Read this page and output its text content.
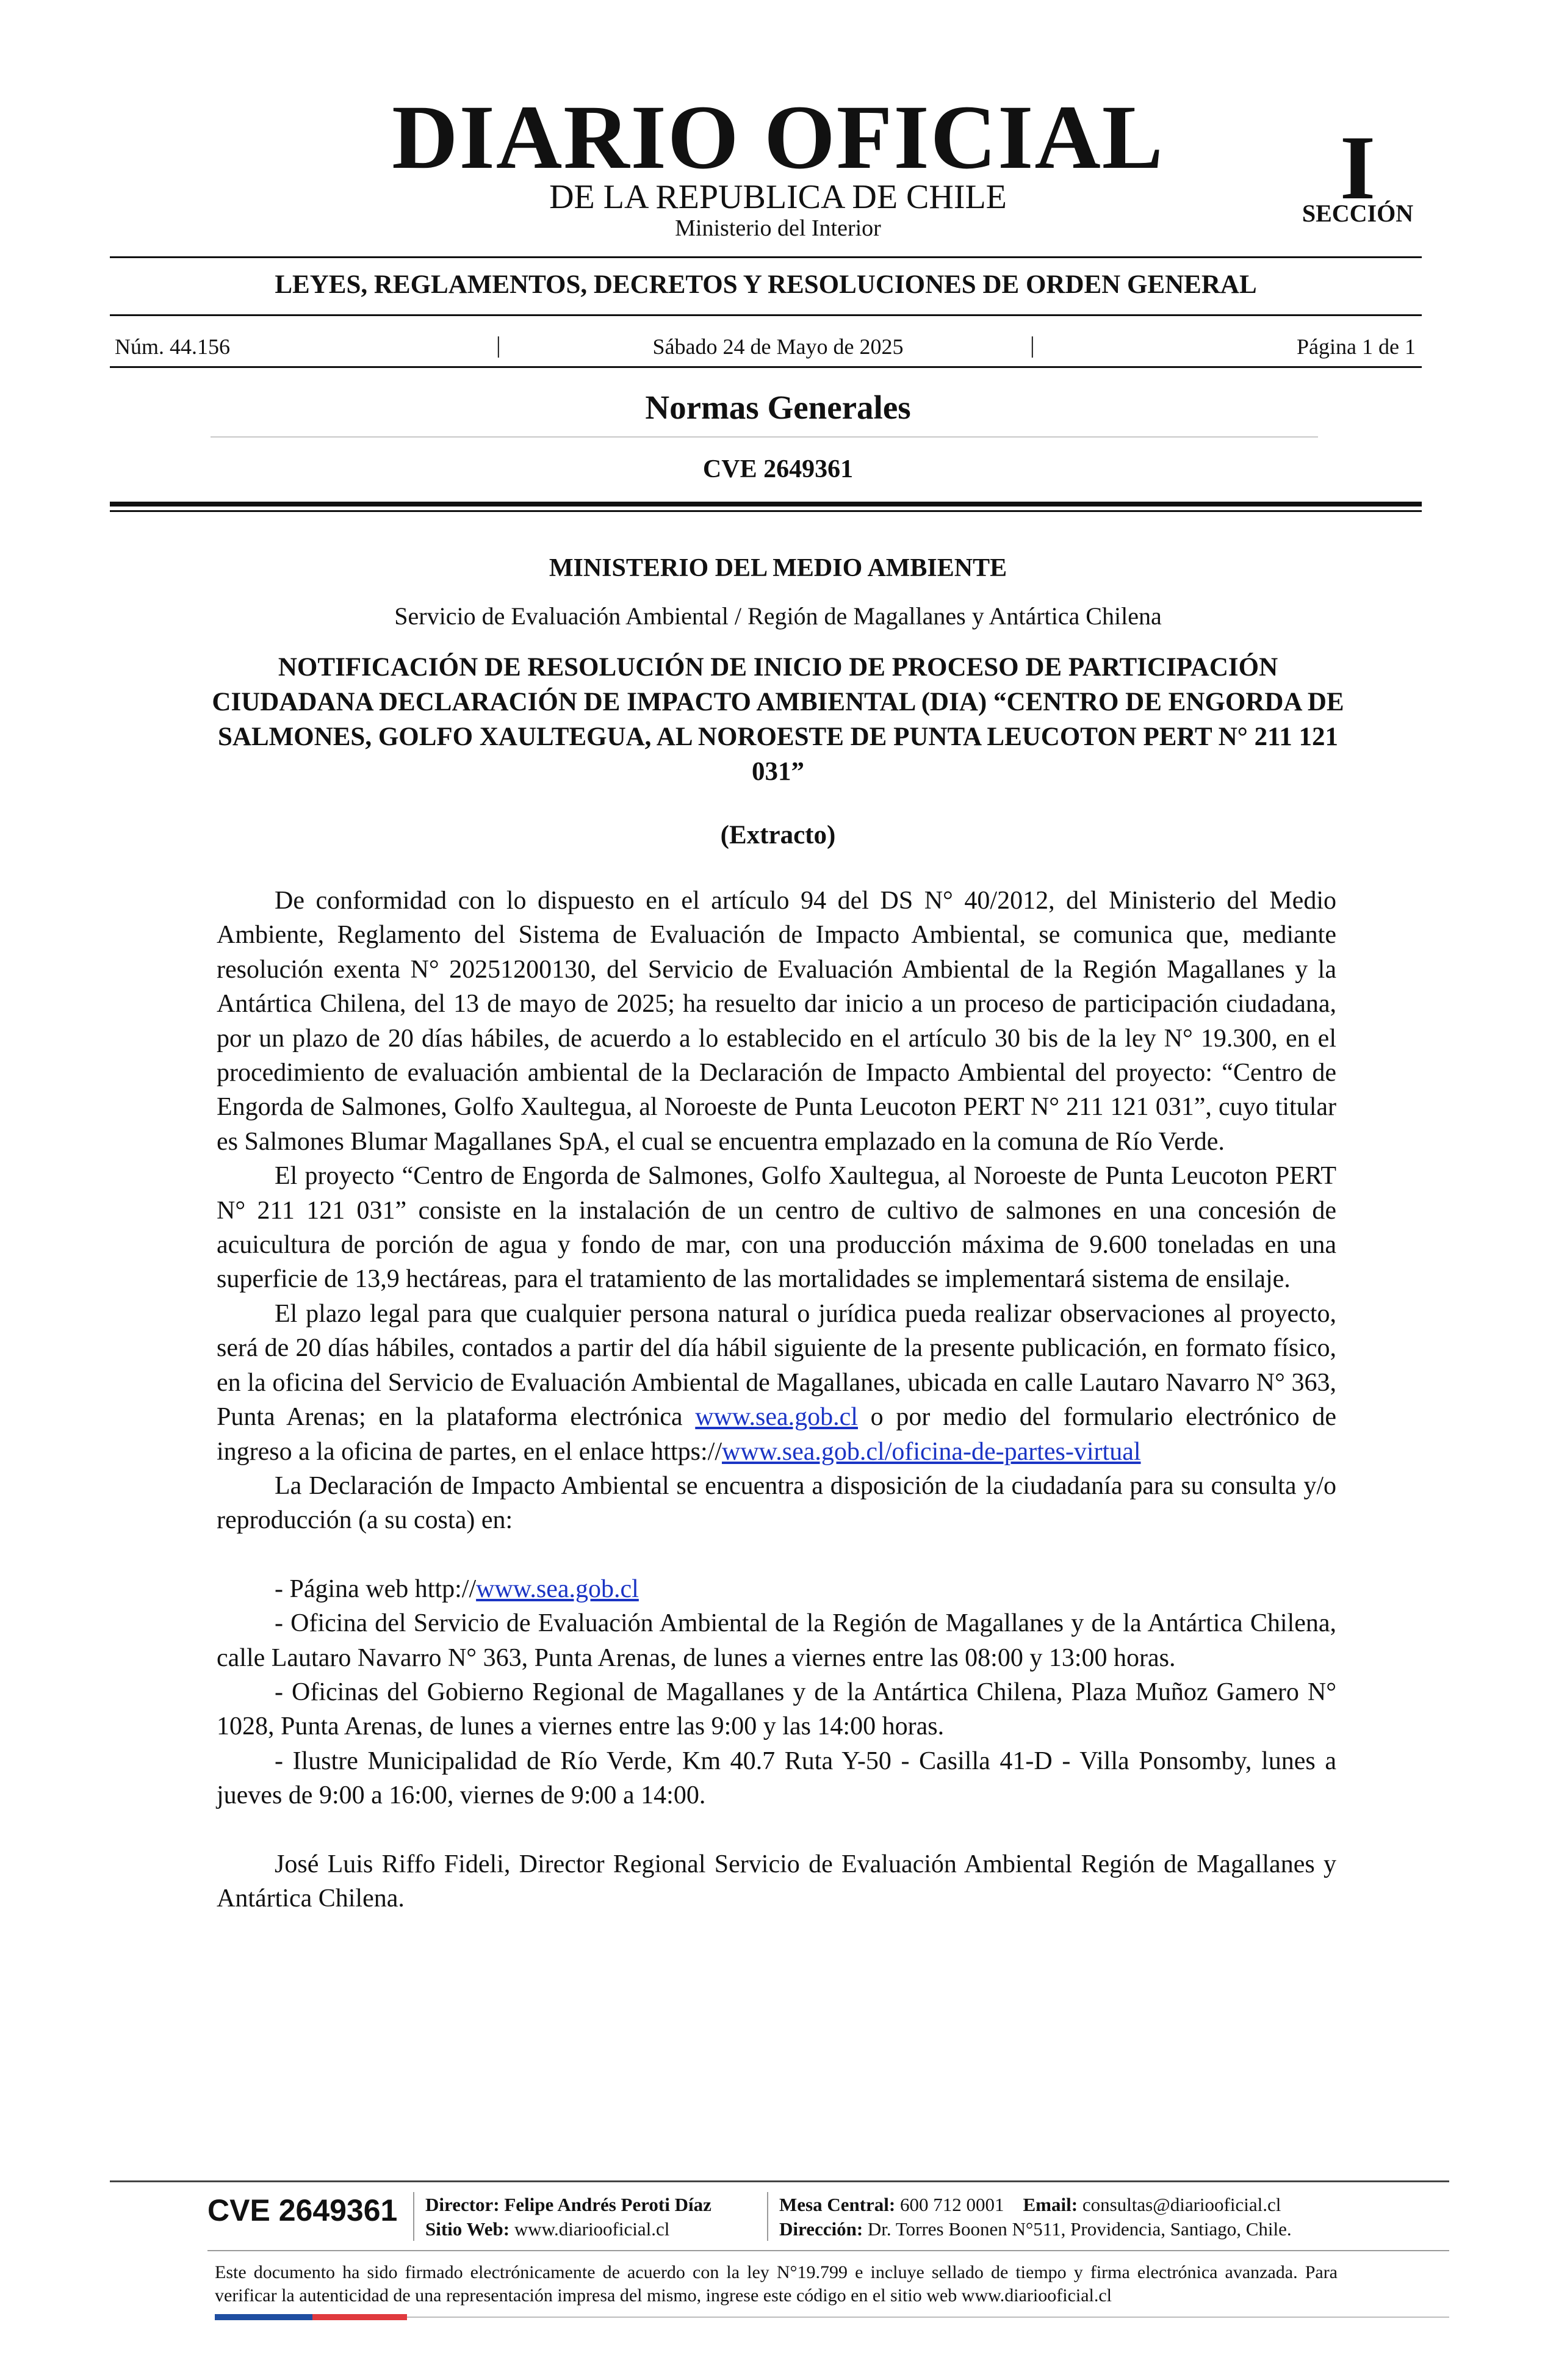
DIARIO OFICIAL
DE LA REPUBLICA DE CHILE
Ministerio del Interior
I
SECCIÓN
LEYES, REGLAMENTOS, DECRETOS Y RESOLUCIONES DE ORDEN GENERAL
Núm. 44.156	|	Sábado 24 de Mayo de 2025	|	Página 1 de 1
Normas Generales
CVE 2649361
MINISTERIO DEL MEDIO AMBIENTE
Servicio de Evaluación Ambiental / Región de Magallanes y Antártica Chilena
NOTIFICACIÓN DE RESOLUCIÓN DE INICIO DE PROCESO DE PARTICIPACIÓN CIUDADANA DECLARACIÓN DE IMPACTO AMBIENTAL (DIA) “CENTRO DE ENGORDA DE SALMONES, GOLFO XAULTEGUA, AL NOROESTE DE PUNTA LEUCOTON PERT N° 211 121 031”
(Extracto)

De conformidad con lo dispuesto en el artículo 94 del DS N° 40/2012, del Ministerio del Medio Ambiente, Reglamento del Sistema de Evaluación de Impacto Ambiental, se comunica que, mediante resolución exenta N° 20251200130, del Servicio de Evaluación Ambiental de la Región Magallanes y la Antártica Chilena, del 13 de mayo de 2025; ha resuelto dar inicio a un proceso de participación ciudadana, por un plazo de 20 días hábiles, de acuerdo a lo establecido en el artículo 30 bis de la ley N° 19.300, en el procedimiento de evaluación ambiental de la Declaración de Impacto Ambiental del proyecto: “Centro de Engorda de Salmones, Golfo Xaultegua, al Noroeste de Punta Leucoton PERT N° 211 121 031”, cuyo titular es Salmones Blumar Magallanes SpA, el cual se encuentra emplazado en la comuna de Río Verde.

El proyecto “Centro de Engorda de Salmones, Golfo Xaultegua, al Noroeste de Punta Leucoton PERT N° 211 121 031” consiste en la instalación de un centro de cultivo de salmones en una concesión de acuicultura de porción de agua y fondo de mar, con una producción máxima de 9.600 toneladas en una superficie de 13,9 hectáreas, para el tratamiento de las mortalidades se implementará sistema de ensilaje.

El plazo legal para que cualquier persona natural o jurídica pueda realizar observaciones al proyecto, será de 20 días hábiles, contados a partir del día hábil siguiente de la presente publicación, en formato físico, en la oficina del Servicio de Evaluación Ambiental de Magallanes, ubicada en calle Lautaro Navarro N° 363, Punta Arenas; en la plataforma electrónica www.sea.gob.cl o por medio del formulario electrónico de ingreso a la oficina de partes, en el enlace https://www.sea.gob.cl/oficina-de-partes-virtual

La Declaración de Impacto Ambiental se encuentra a disposición de la ciudadanía para su consulta y/o reproducción (a su costa) en:

- Página web http://www.sea.gob.cl

- Oficina del Servicio de Evaluación Ambiental de la Región de Magallanes y de la Antártica Chilena, calle Lautaro Navarro N° 363, Punta Arenas, de lunes a viernes entre las 08:00 y 13:00 horas.

- Oficinas del Gobierno Regional de Magallanes y de la Antártica Chilena, Plaza Muñoz Gamero N° 1028, Punta Arenas, de lunes a viernes entre las 9:00 y las 14:00 horas.

- Ilustre Municipalidad de Río Verde, Km 40.7 Ruta Y-50 - Casilla 41-D - Villa Ponsomby, lunes a jueves de 9:00 a 16:00, viernes de 9:00 a 14:00.

José Luis Riffo Fideli, Director Regional Servicio de Evaluación Ambiental Región de Magallanes y Antártica Chilena.

CVE 2649361 Director: Felipe Andrés Peroti Díaz
Sitio Web: www.diariooficial.cl
Mesa Central: 600 712 0001 Email: consultas@diariooficial.cl
Dirección: Dr. Torres Boonen N°511, Providencia, Santiago, Chile.
Este documento ha sido firmado electrónicamente de acuerdo con la ley N°19.799 e incluye sellado de tiempo y firma electrónica avanzada. Para verificar la autenticidad de una representación impresa del mismo, ingrese este código en el sitio web www.diariooficial.cl
